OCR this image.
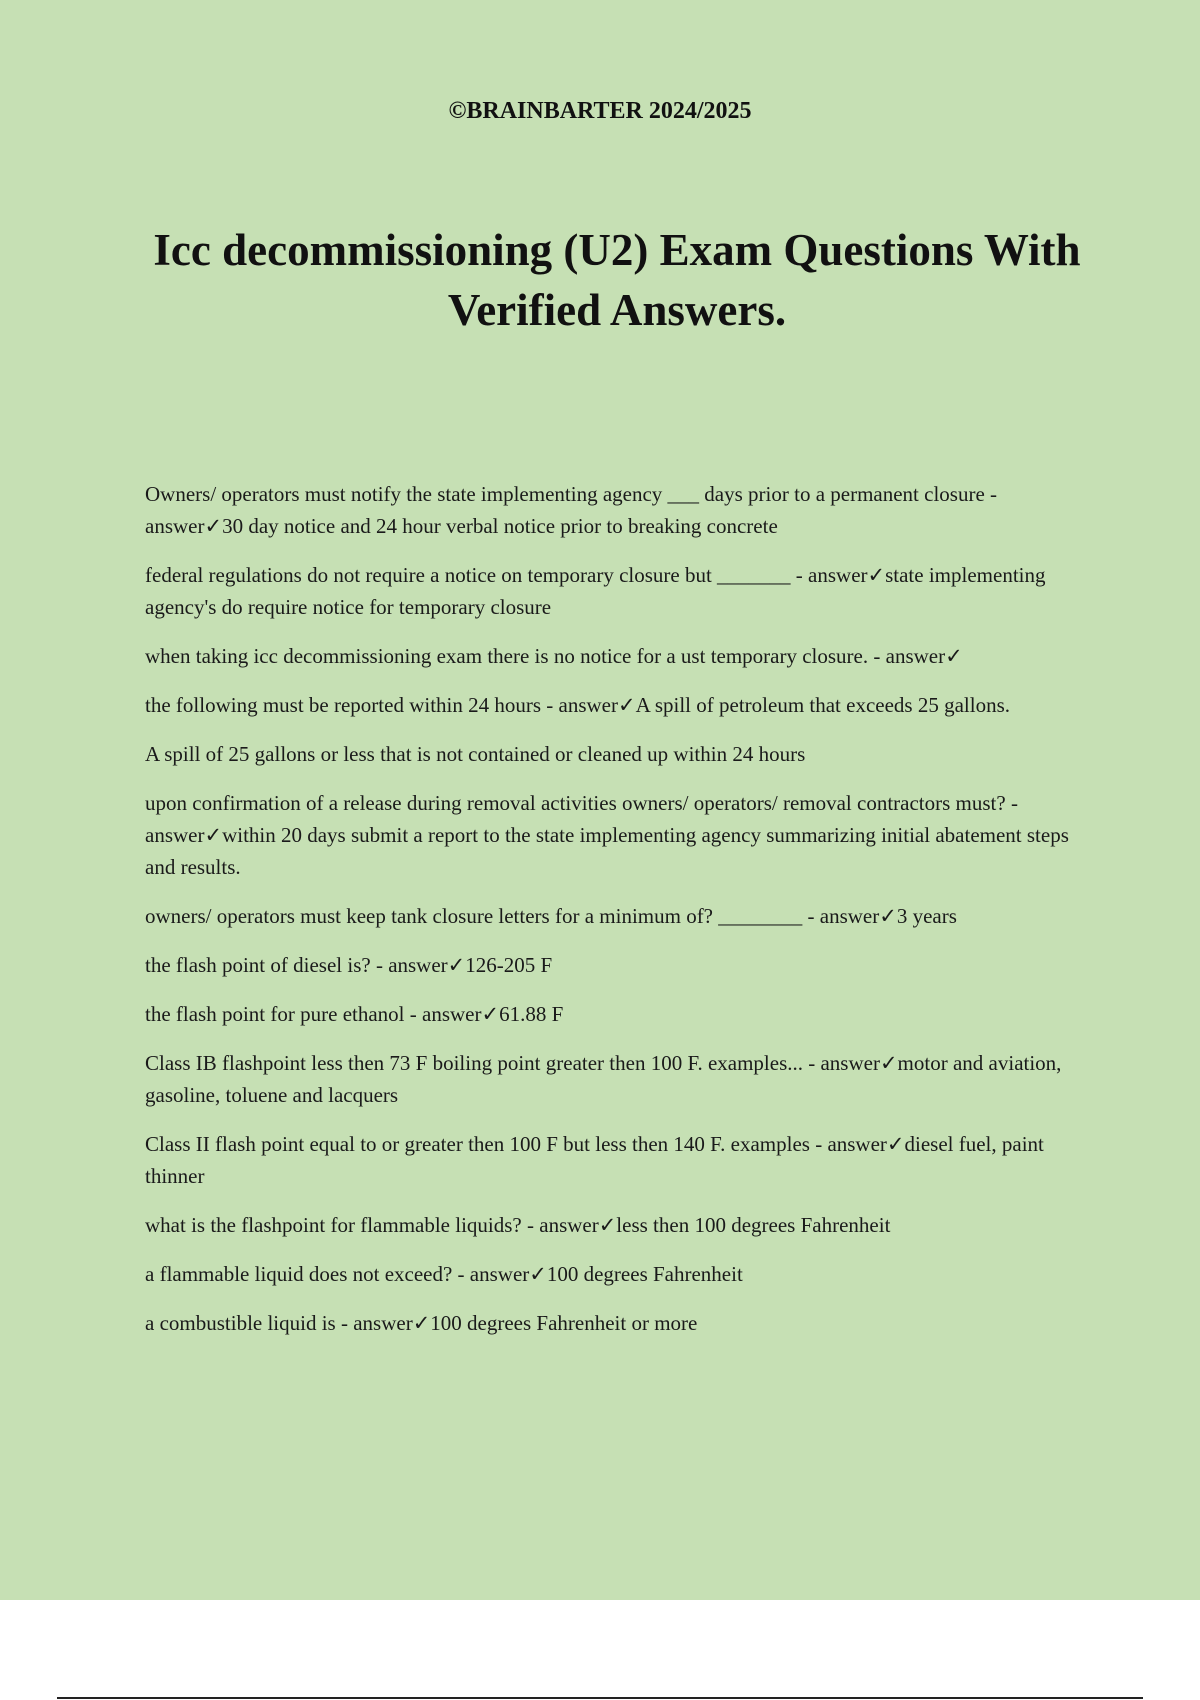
©BRAINBARTER 2024/2025
Icc decommissioning (U2) Exam Questions With Verified Answers.

Owners/ operators must notify the state implementing agency ___ days prior to a permanent closure - answer✓30 day notice and 24 hour verbal notice prior to breaking concrete

federal regulations do not require a notice on temporary closure but _______ - answer✓state implementing agency's do require notice for temporary closure

when taking icc decommissioning exam there is no notice for a ust temporary closure. - answer✓

the following must be reported within 24 hours - answer✓A spill of petroleum that exceeds 25 gallons.

A spill of 25 gallons or less that is not contained or cleaned up within 24 hours

upon confirmation of a release during removal activities owners/ operators/ removal contractors must? - answer✓within 20 days submit a report to the state implementing agency summarizing initial abatement steps and results.

owners/ operators must keep tank closure letters for a minimum of? ________ - answer✓3 years

the flash point of diesel is? - answer✓126-205 F

the flash point for pure ethanol - answer✓61.88 F

Class IB flashpoint less then 73 F boiling point greater then 100 F. examples... - answer✓motor and aviation, gasoline, toluene and lacquers

Class II flash point equal to or greater then 100 F but less then 140 F. examples - answer✓diesel fuel, paint thinner

what is the flashpoint for flammable liquids? - answer✓less then 100 degrees Fahrenheit

a flammable liquid does not exceed? - answer✓100 degrees Fahrenheit

a combustible liquid is - answer✓100 degrees Fahrenheit or more
